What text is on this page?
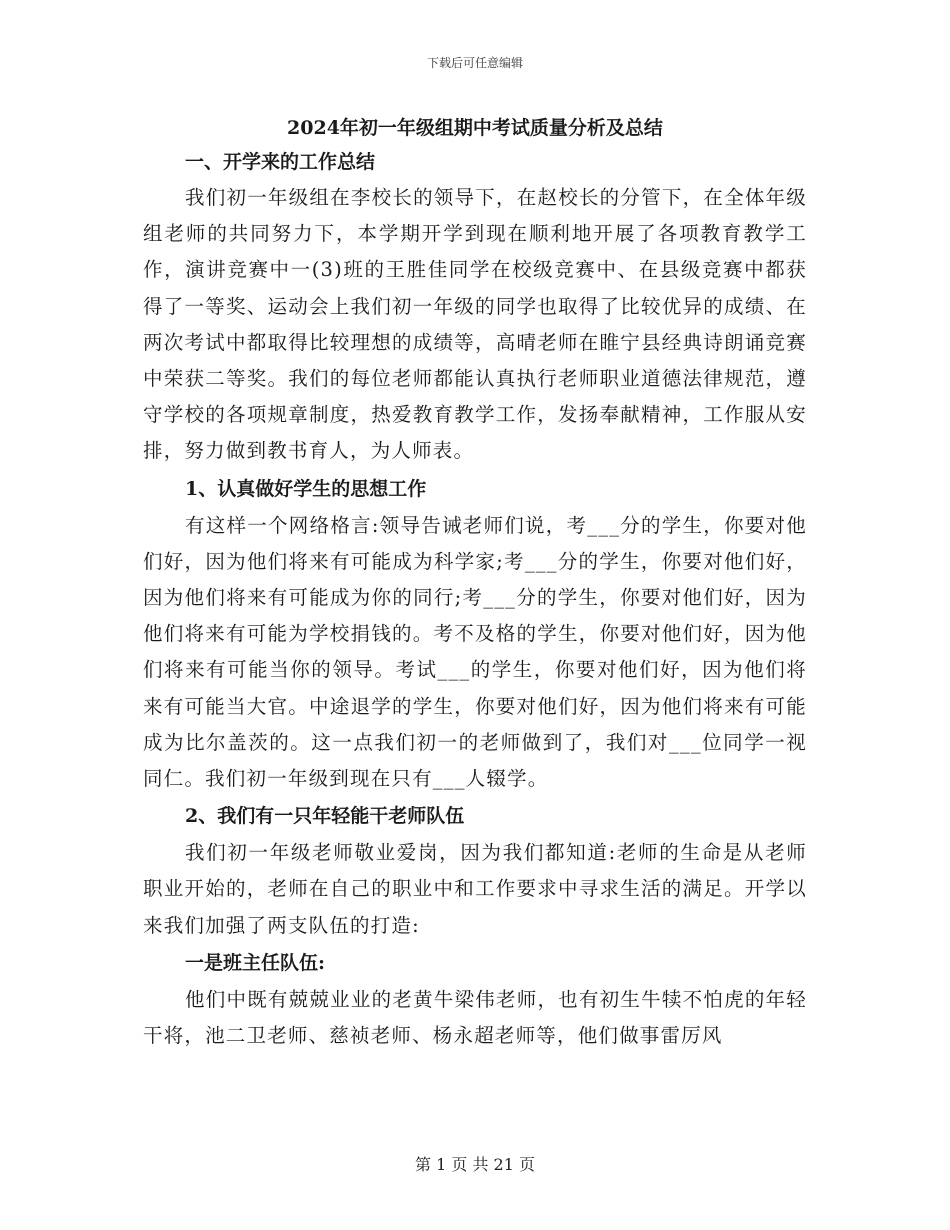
下载后可任意编辑
2024年初一年级组期中考试质量分析及总结
一、开学来的工作总结

我们初一年级组在李校长的领导下，在赵校长的分管下，在全体年级组老师的共同努力下，本学期开学到现在顺利地开展了各项教育教学工作，演讲竞赛中一(3)班的王胜佳同学在校级竞赛中、在县级竞赛中都获得了一等奖、运动会上我们初一年级的同学也取得了比较优异的成绩、在两次考试中都取得比较理想的成绩等，高晴老师在睢宁县经典诗朗诵竞赛中荣获二等奖。我们的每位老师都能认真执行老师职业道德法律规范，遵守学校的各项规章制度，热爱教育教学工作，发扬奉献精神，工作服从安排，努力做到教书育人，为人师表。

1、认真做好学生的思想工作

有这样一个网络格言:领导告诫老师们说，考___分的学生，你要对他们好，因为他们将来有可能成为科学家;考___分的学生，你要对他们好，因为他们将来有可能成为你的同行;考___分的学生，你要对他们好，因为他们将来有可能为学校捐钱的。考不及格的学生，你要对他们好，因为他们将来有可能当你的领导。考试___的学生，你要对他们好，因为他们将来有可能当大官。中途退学的学生，你要对他们好，因为他们将来有可能成为比尔盖茨的。这一点我们初一的老师做到了，我们对___位同学一视同仁。我们初一年级到现在只有___人辍学。

2、我们有一只年轻能干老师队伍

我们初一年级老师敬业爱岗，因为我们都知道:老师的生命是从老师职业开始的，老师在自己的职业中和工作要求中寻求生活的满足。开学以来我们加强了两支队伍的打造:

一是班主任队伍:

他们中既有兢兢业业的老黄牛梁伟老师，也有初生牛犊不怕虎的年轻干将，池二卫老师、慈祯老师、杨永超老师等，他们做事雷厉风

第 1 页 共 21 页
